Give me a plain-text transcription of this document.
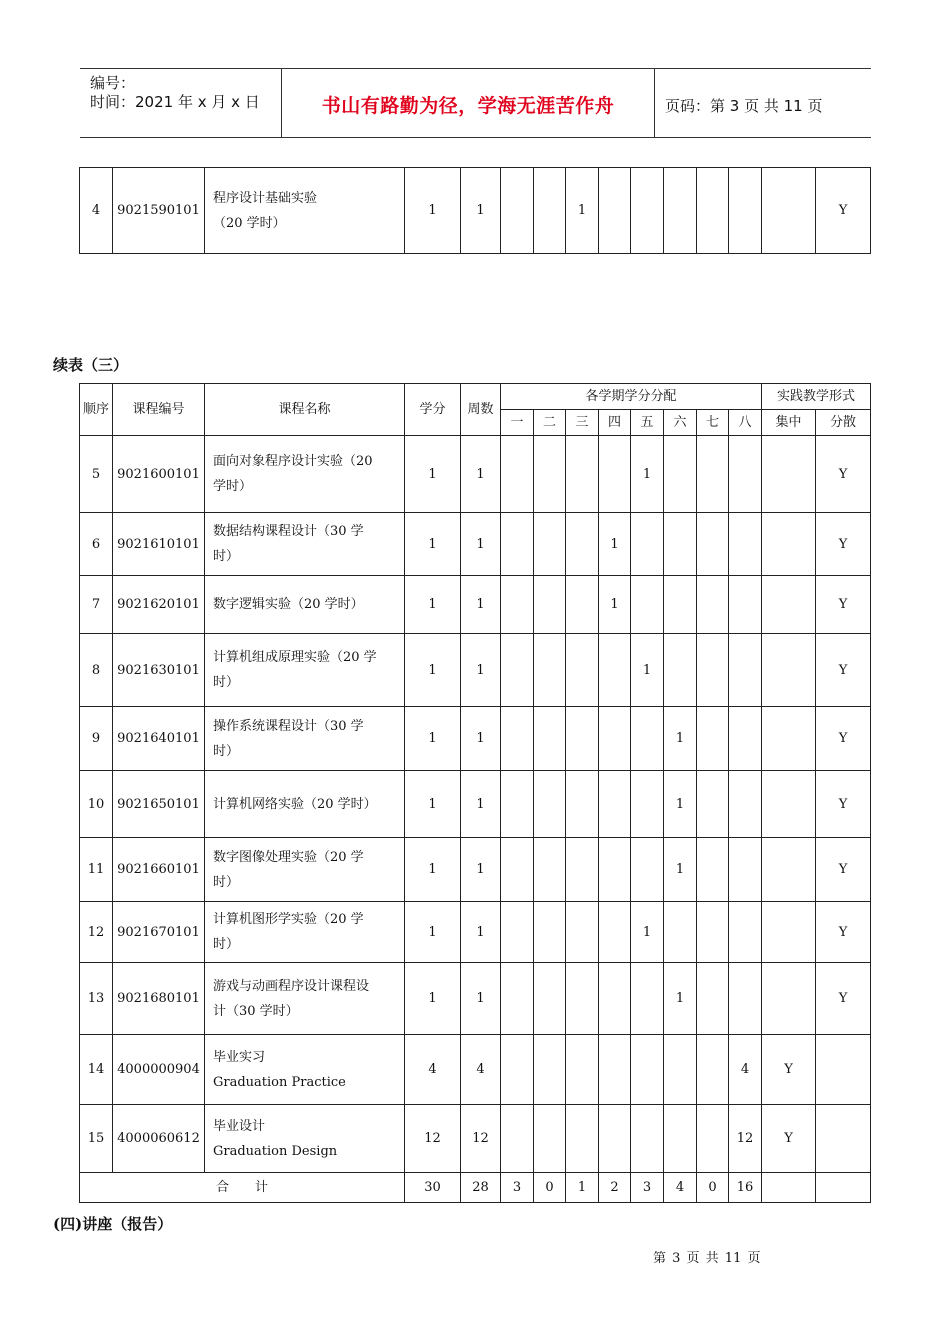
编号：
时间：2021 年 x 月 x 日	书山有路勤为径，学海无涯苦作舟	页码：第 3 页 共 11 页
4	9021590101	
程序设计基础实验
（20 学时）
	1	1			1							Y
续表（三）
顺序	课程编号	课程名称	学分	周数	各学期学分分配								实践教学形式	
					一	二	三	四	五	六	七	八	集中	分散
5	9021600101	面向对象程序设计实验（20
学时）	1	1					1					Y
6	9021610101	数据结构课程设计（30 学
时）	1	1				1						Y
7	9021620101	数字逻辑实验（20 学时）	1	1				1						Y
8	9021630101	计算机组成原理实验（20 学
时）	1	1					1					Y
9	9021640101	操作系统课程设计（30 学
时）	1	1						1				Y
10	9021650101	计算机网络实验（20 学时）	1	1						1				Y
11	9021660101	数字图像处理实验（20 学
时）	1	1						1				Y
12	9021670101	计算机图形学实验（20 学
时）	1	1					1					Y
13	9021680101	游戏与动画程序设计课程设
计（30 学时）	1	1						1				Y
14	4000000904	毕业实习
Graduation Practice	4	4								4	Y	
15	4000060612	毕业设计
Graduation Design	12	12								12	Y	
合　　计			30	28	3	0	1	2	3	4	0	16		
(四)讲座（报告）
第 3 页 共 11 页
